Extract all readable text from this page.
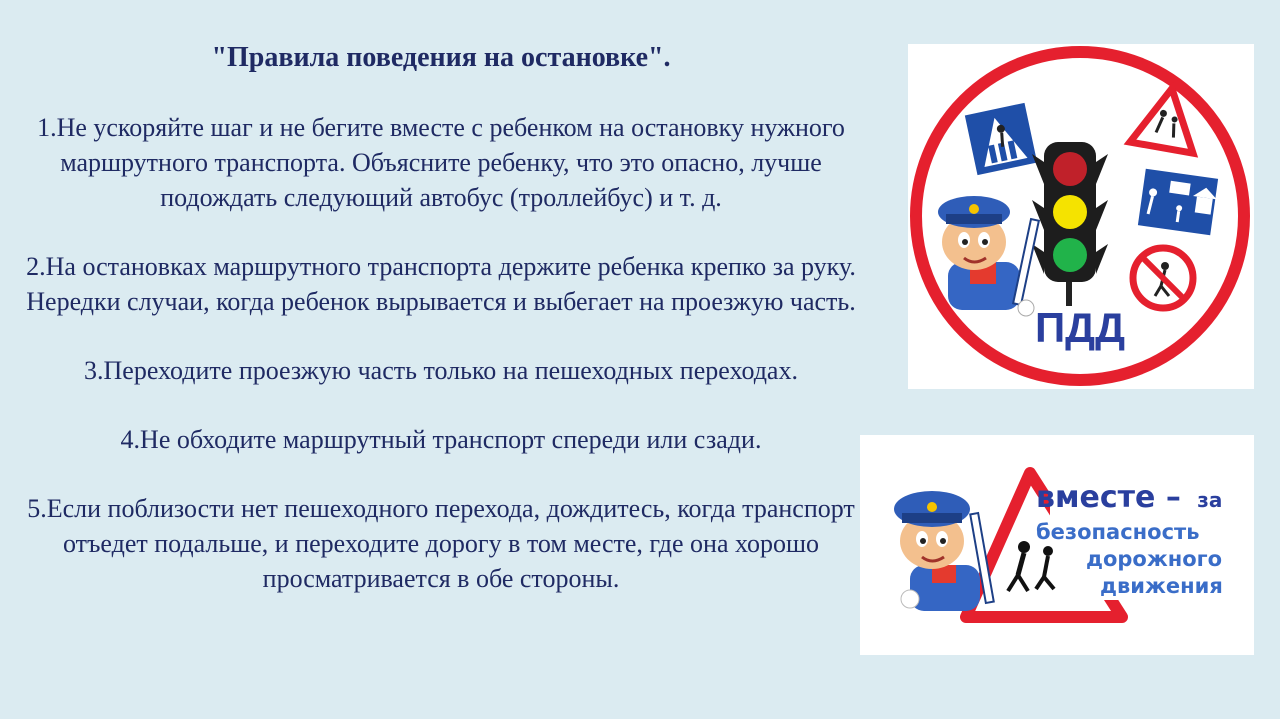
"Правила поведения на остановке".
1.Не ускоряйте шаг и не бегите вместе с ребенком на остановку нужного маршрутного транспорта. Объясните ребенку, что это опасно, лучше подождать следующий автобус (троллейбус) и т. д.
2.На остановках маршрутного транспорта держите ребенка крепко за руку. Нередки случаи, когда ребенок вырывается и выбегает на проезжую часть.
3.Переходите проезжую часть только на пешеходных переходах.
4.Не обходите маршрутный транспорт спереди или сзади.
5.Если поблизости нет пешеходного перехода, дождитесь, когда транспорт отъедет подальше, и переходите дорогу в том месте, где она хорошо просматривается в обе стороны.
ПДД
вместе – за
безопасность
дорожного
движения
